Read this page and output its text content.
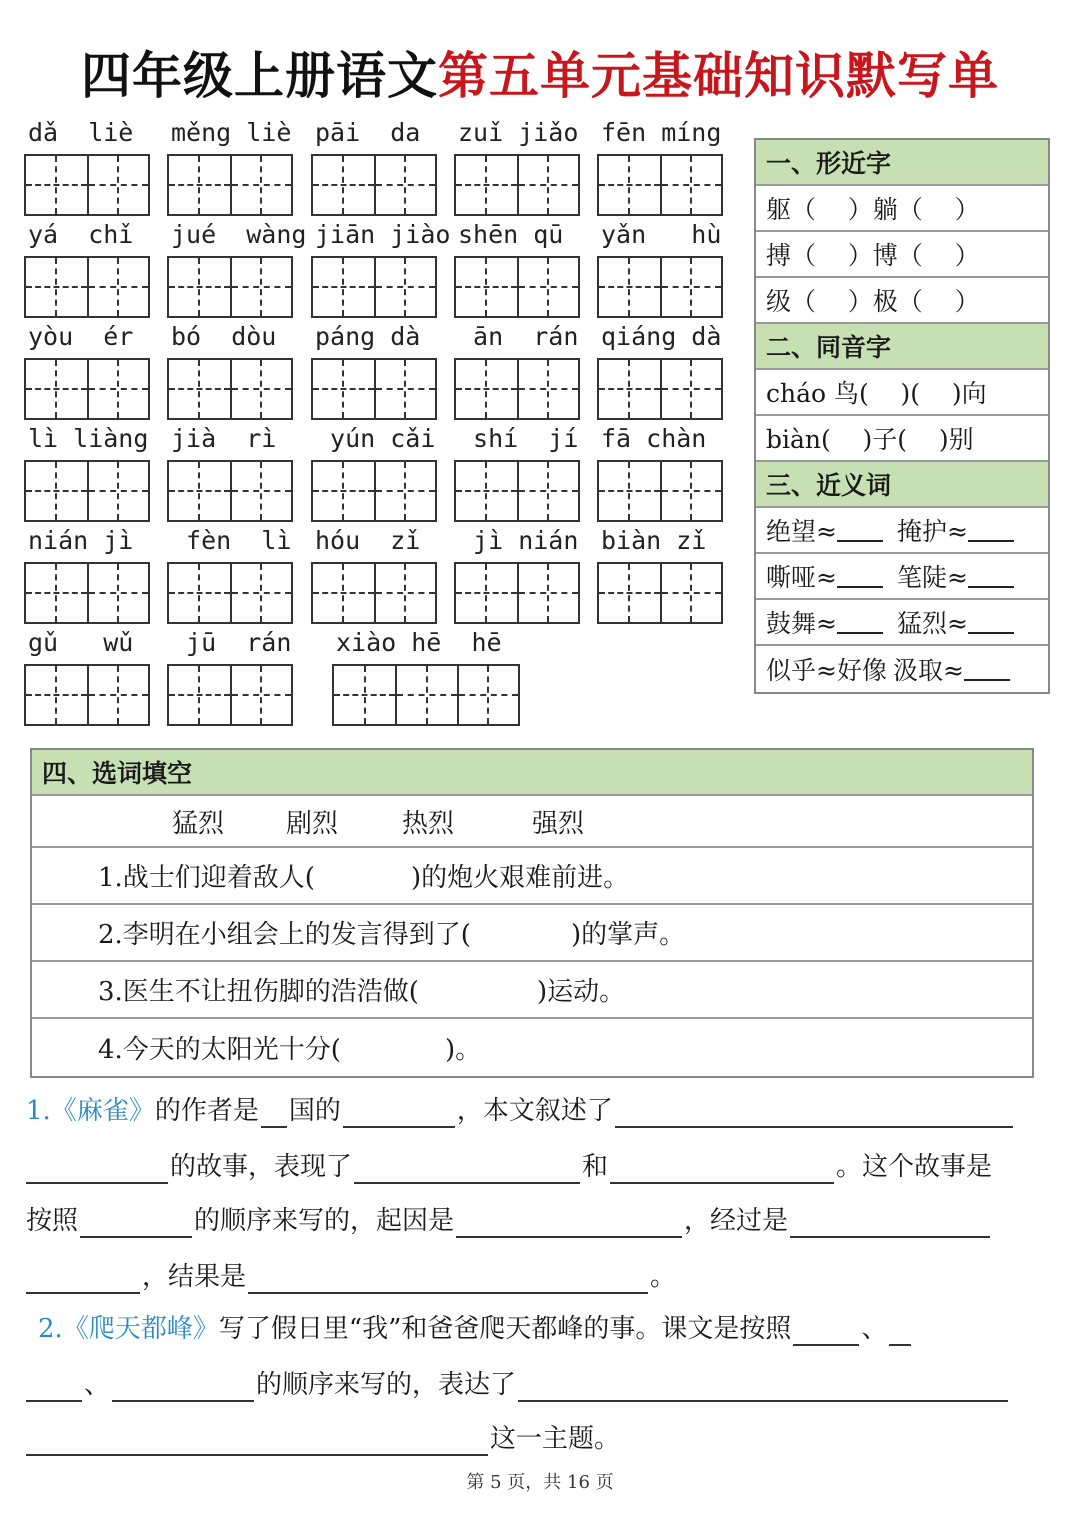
四年级上册语文第五单元基础知识默写单
dǎ  liè měng liè pāi  da zuǐ jiǎo fēn míng
yá  chǐ jué  wàng jiān jiào shēn qū yǎn   hù
yòu  ér bó  dòu páng dà ān  rán qiáng dà
lì liàng jià  rì yún cǎi shí  jí fā chàn
nián jì fèn  lì hóu  zǐ jì nián biàn zǐ
gǔ   wǔ jū  rán xiào hē  hē
一、形近字
躯（    ）躺（    ）
搏（    ）博（    ）
级（    ）极（    ）
二、同音字
cháo 鸟(    )(    )向
biàn(    )子(    )别
三、近义词
绝望≈ 掩护≈
嘶哑≈ 笔陡≈
鼓舞≈ 猛烈≈
似乎≈好像 汲取≈
四、选词填空
猛烈 剧烈 热烈	强烈
1.战士们迎着敌人(	)的炮火艰难前进。
2.李明在小组会上的发言得到了(	)的掌声。
3.医生不让扭伤脚的浩浩做(	)运动。
4.今天的太阳光十分(	)。
1.《麻雀》的作者是 国的	，本文叙述了
的故事，表现了	和	。这个故事是
按照	的顺序来写的，起因是	，经过是
，结果是	。
2.《爬天都峰》写了假日里“我”和爸爸爬天都峰的事。课文是按照	、
、	的顺序来写的，表达了
这一主题。
第 5 页，共 16 页
